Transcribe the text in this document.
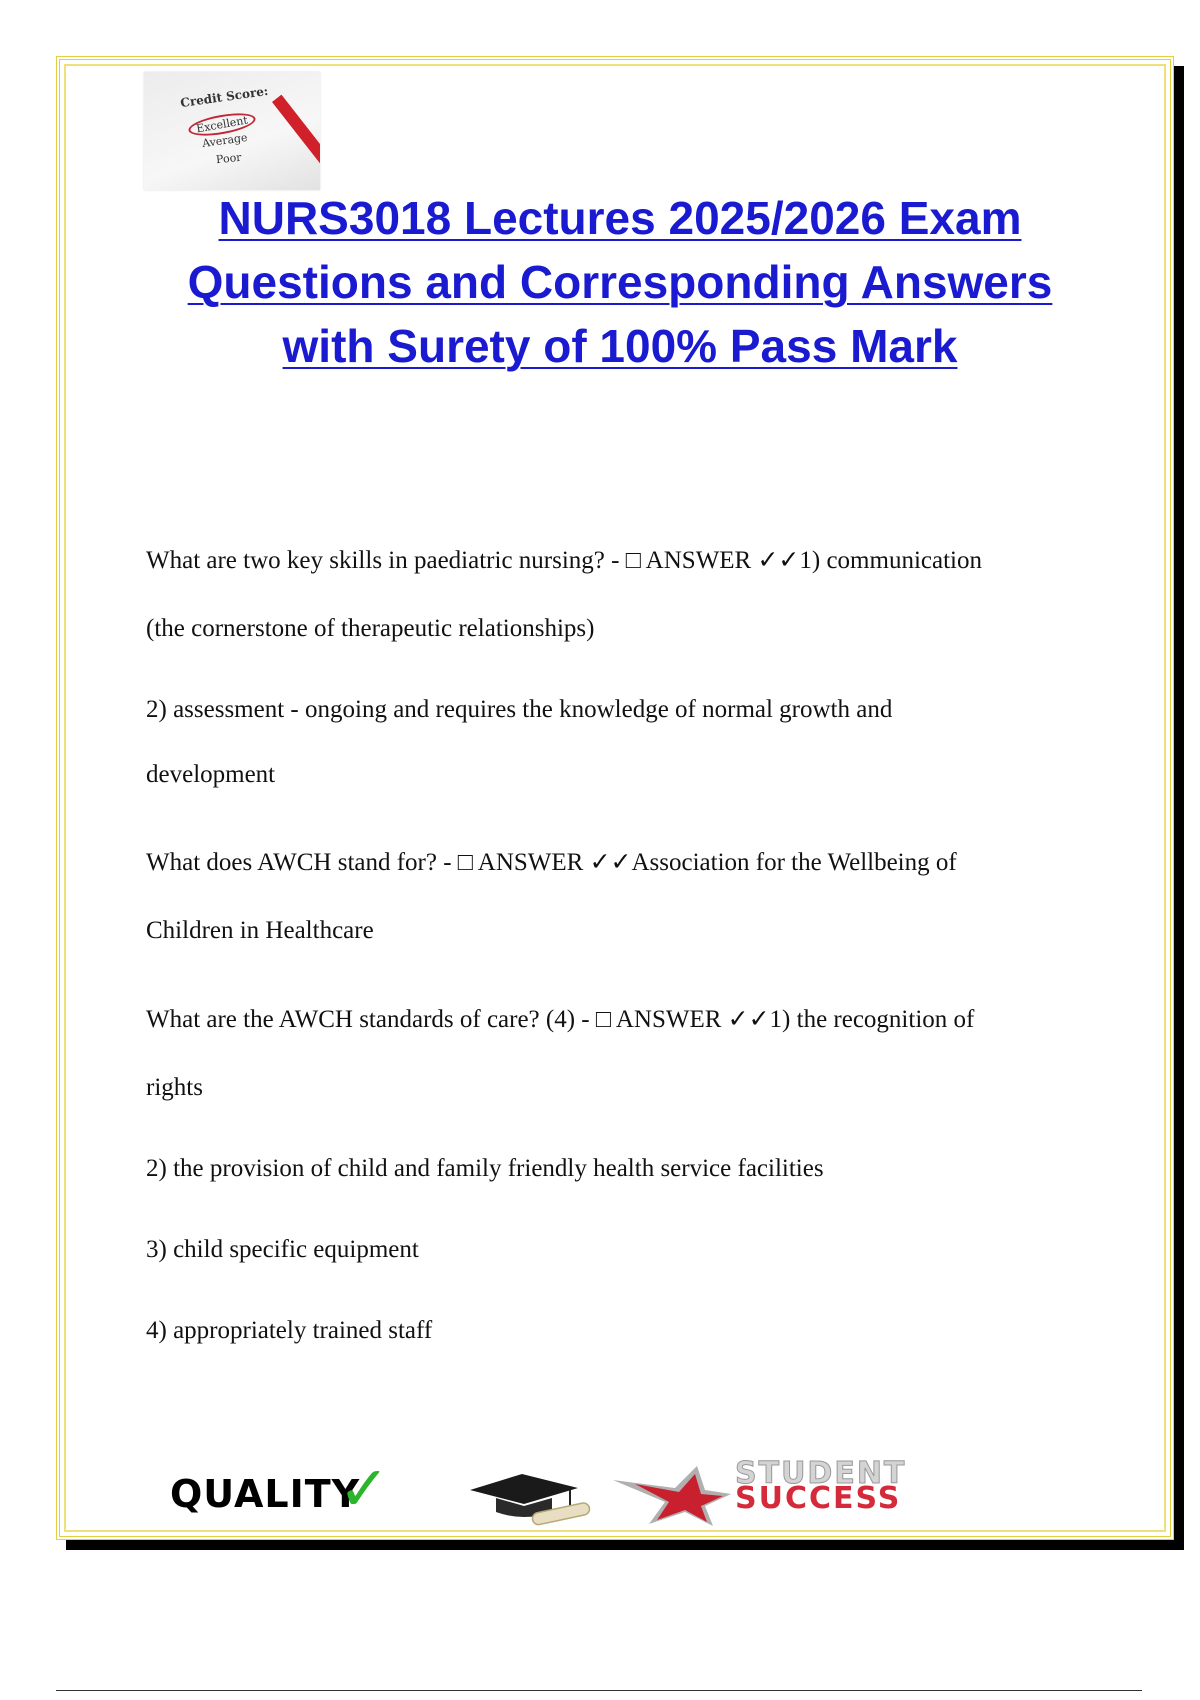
Credit Score:
Excellent
Average
Poor
NURS3018 Lectures 2025/2026 Exam
Questions and Corresponding Answers
with Surety of 100% Pass Mark
What are two key skills in paediatric nursing? - □ ANSWER ✓✓1) communication
(the cornerstone of therapeutic relationships)
2) assessment - ongoing and requires the knowledge of normal growth and
development
What does AWCH stand for? - □ ANSWER ✓✓Association for the Wellbeing of
Children in Healthcare
What are the AWCH standards of care? (4) - □ ANSWER ✓✓1) the recognition of
rights
2) the provision of child and family friendly health service facilities
3) child specific equipment
4) appropriately trained staff
QUALITY
✓	STUDENT
SUCCESS
